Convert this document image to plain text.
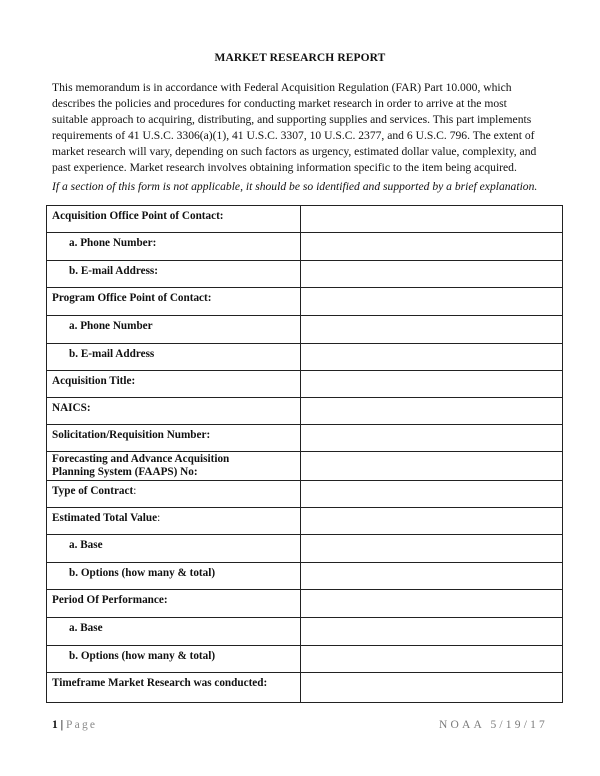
MARKET RESEARCH REPORT
This memorandum is in accordance with Federal Acquisition Regulation (FAR) Part 10.000, which
describes the policies and procedures for conducting market research in order to arrive at the most
suitable approach to acquiring, distributing, and supporting supplies and services. This part implements
requirements of 41 U.S.C. 3306(a)(1), 41 U.S.C. 3307, 10 U.S.C. 2377, and 6 U.S.C. 796. The extent of
market research will vary, depending on such factors as urgency, estimated dollar value, complexity, and
past experience. Market research involves obtaining information specific to the item being acquired.
If a section of this form is not applicable, it should be so identified and supported by a brief explanation.
Acquisition Office Point of Contact:	
a. Phone Number:	
b. E-mail Address:	
Program Office Point of Contact:	
a. Phone Number	
b. E-mail Address	
Acquisition Title:	
NAICS:	
Solicitation/Requisition Number:	
Forecasting and Advance Acquisition
Planning System (FAAPS) No:	
Type of Contract:	
Estimated Total Value:	
a. Base	
b. Options (how many & total)	
Period Of Performance:	
a. Base	
b. Options (how many & total)	
Timeframe Market Research was conducted:	
1 | Page	NOAA 5/19/17
